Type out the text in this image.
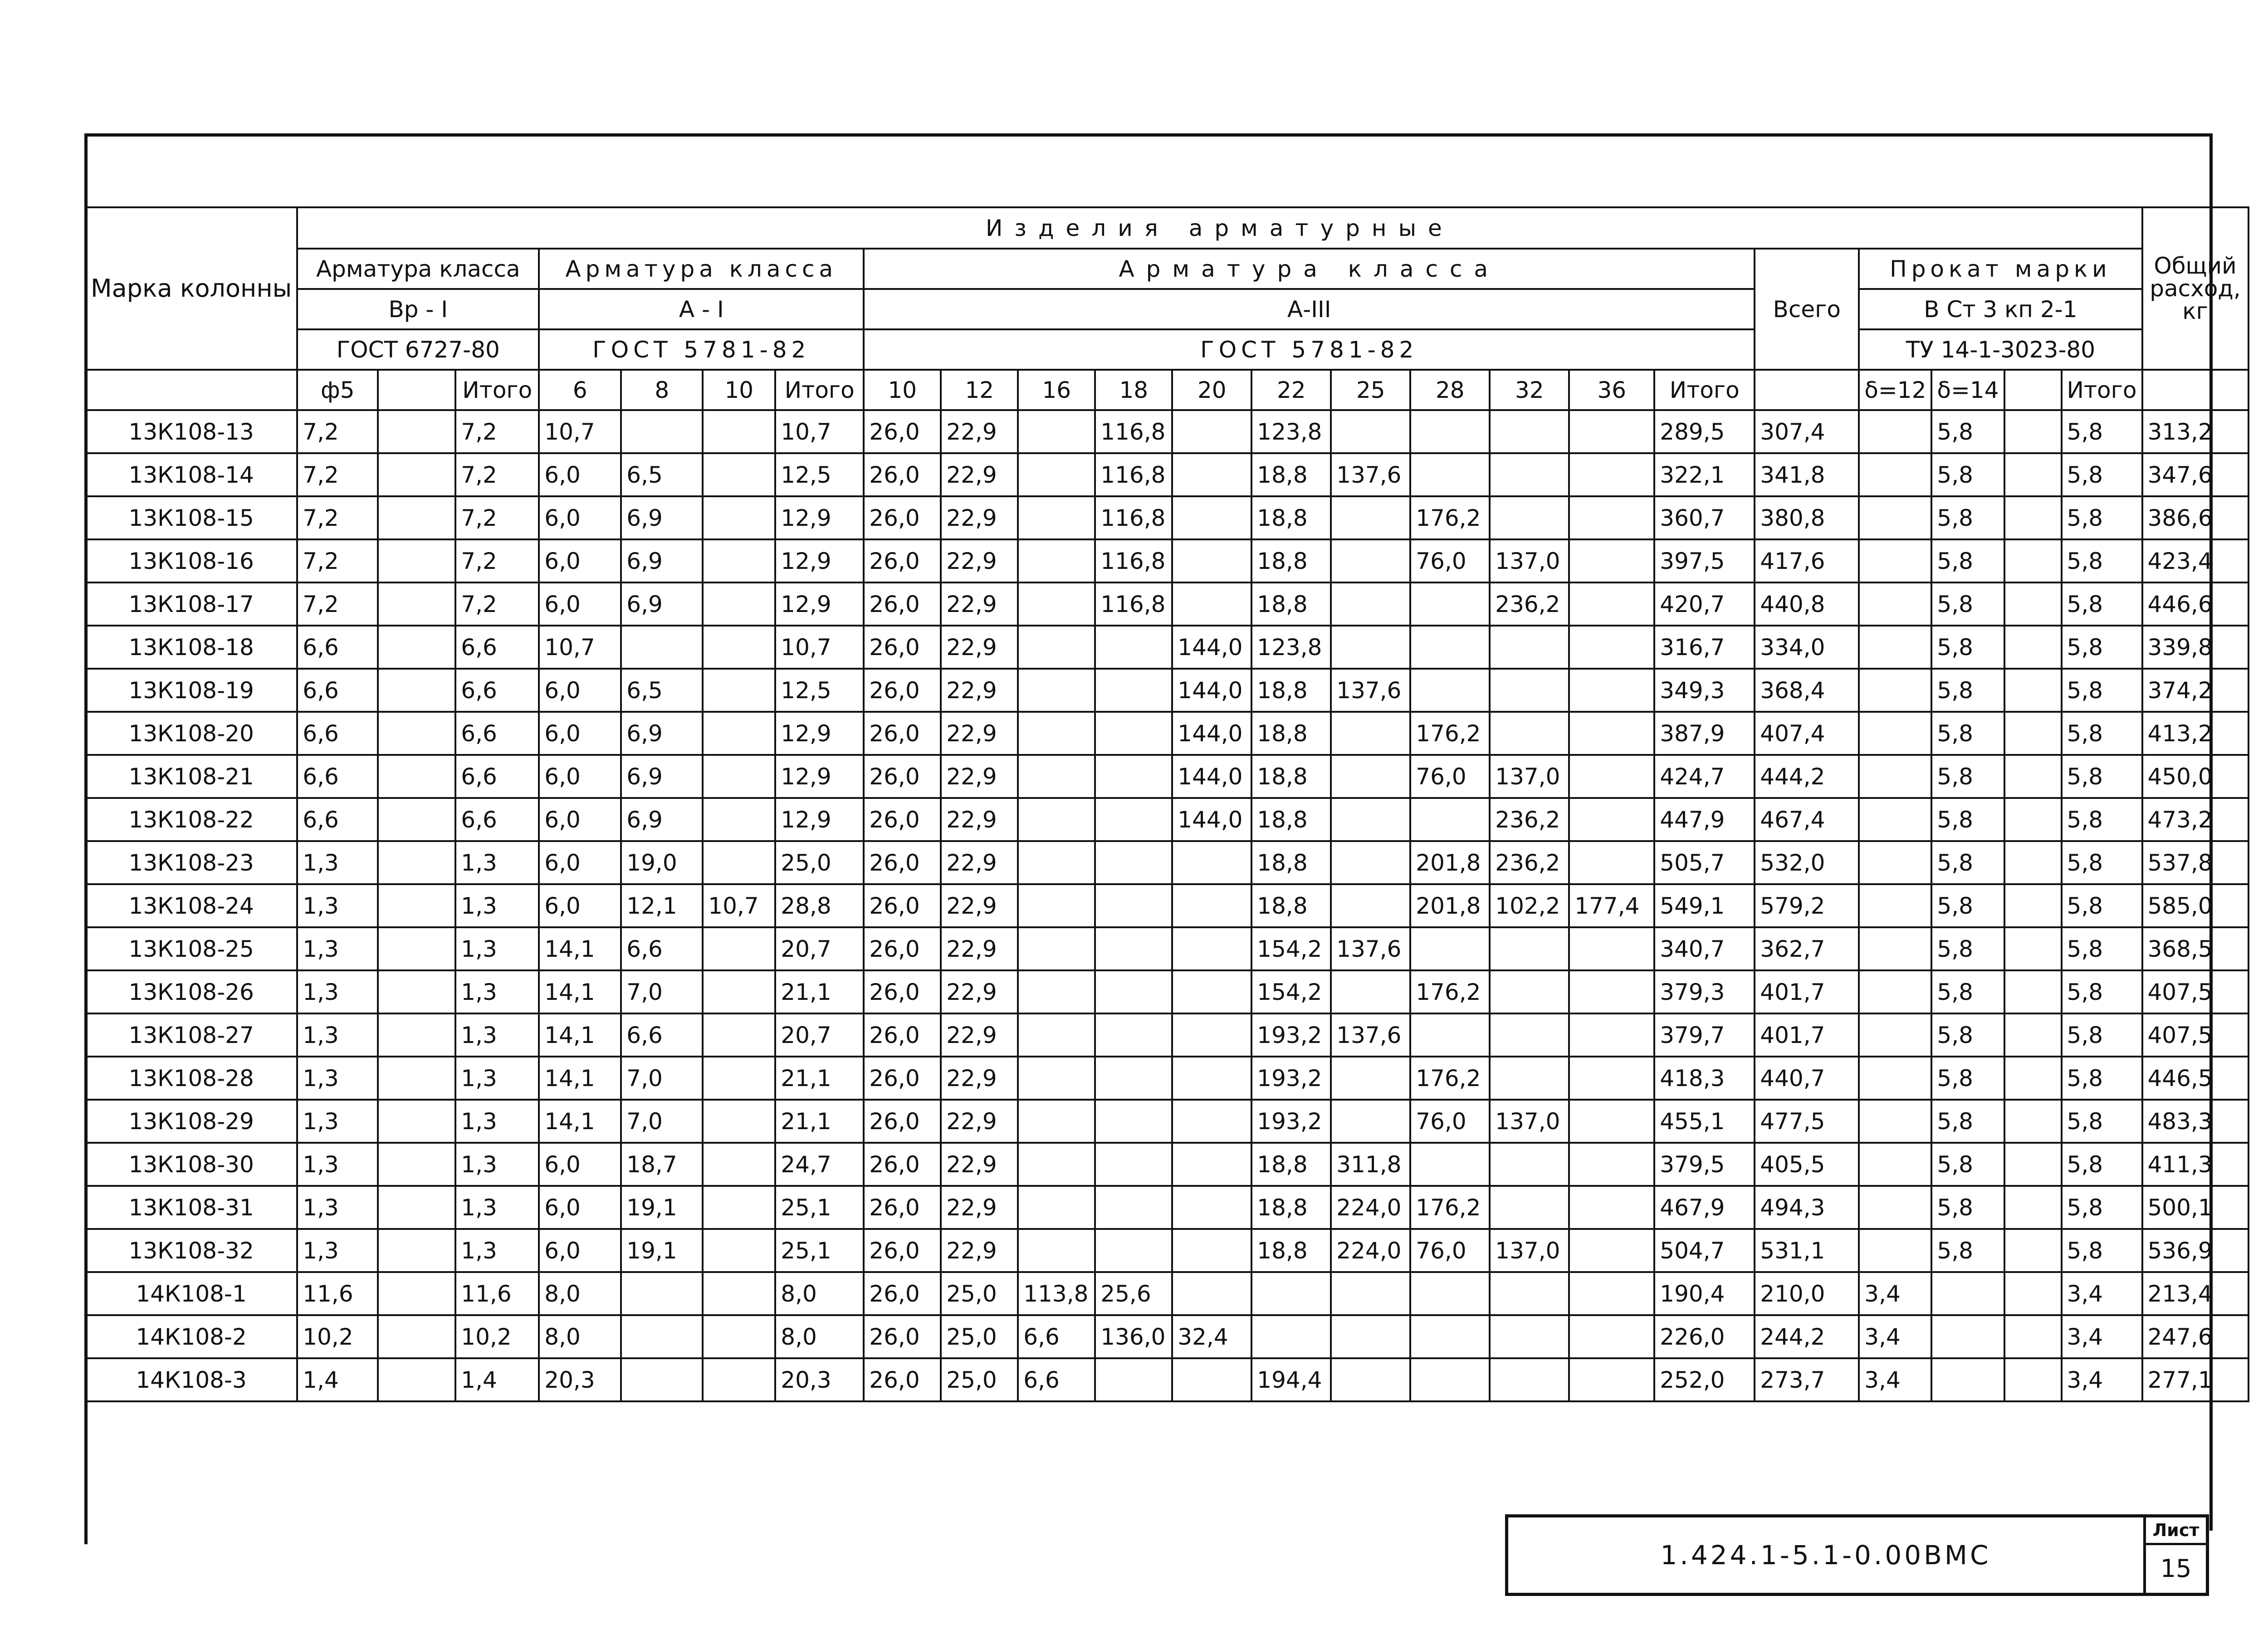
Марка колонны	Изделия арматурные																							Общий расход, кг
	Арматура класса			Арматура класса				Арматура класса											Всего	Прокат марки				
	Вр - I			А - I				А-III												В Ст 3 кп 2-1				
	ГОСТ 6727-80			ГОСТ 5781-82				ГОСТ 5781-82												ТУ 14-1-3023-80				
	ф5		Итого	6	8	10	Итого	10	12	16	18	20	22	25	28	32	36	Итого		δ=12	δ=14		Итого	
13К108-13	7,2		7,2	10,7			10,7	26,0	22,9		116,8		123,8					289,5	307,4		5,8		5,8	313,2
13К108-14	7,2		7,2	6,0	6,5		12,5	26,0	22,9		116,8		18,8	137,6				322,1	341,8		5,8		5,8	347,6
13К108-15	7,2		7,2	6,0	6,9		12,9	26,0	22,9		116,8		18,8		176,2			360,7	380,8		5,8		5,8	386,6
13К108-16	7,2		7,2	6,0	6,9		12,9	26,0	22,9		116,8		18,8		76,0	137,0		397,5	417,6		5,8		5,8	423,4
13К108-17	7,2		7,2	6,0	6,9		12,9	26,0	22,9		116,8		18,8			236,2		420,7	440,8		5,8		5,8	446,6
13К108-18	6,6		6,6	10,7			10,7	26,0	22,9			144,0	123,8					316,7	334,0		5,8		5,8	339,8
13К108-19	6,6		6,6	6,0	6,5		12,5	26,0	22,9			144,0	18,8	137,6				349,3	368,4		5,8		5,8	374,2
13К108-20	6,6		6,6	6,0	6,9		12,9	26,0	22,9			144,0	18,8		176,2			387,9	407,4		5,8		5,8	413,2
13К108-21	6,6		6,6	6,0	6,9		12,9	26,0	22,9			144,0	18,8		76,0	137,0		424,7	444,2		5,8		5,8	450,0
13К108-22	6,6		6,6	6,0	6,9		12,9	26,0	22,9			144,0	18,8			236,2		447,9	467,4		5,8		5,8	473,2
13К108-23	1,3		1,3	6,0	19,0		25,0	26,0	22,9				18,8		201,8	236,2		505,7	532,0		5,8		5,8	537,8
13К108-24	1,3		1,3	6,0	12,1	10,7	28,8	26,0	22,9				18,8		201,8	102,2	177,4	549,1	579,2		5,8		5,8	585,0
13К108-25	1,3		1,3	14,1	6,6		20,7	26,0	22,9				154,2	137,6				340,7	362,7		5,8		5,8	368,5
13К108-26	1,3		1,3	14,1	7,0		21,1	26,0	22,9				154,2		176,2			379,3	401,7		5,8		5,8	407,5
13К108-27	1,3		1,3	14,1	6,6		20,7	26,0	22,9				193,2	137,6				379,7	401,7		5,8		5,8	407,5
13К108-28	1,3		1,3	14,1	7,0		21,1	26,0	22,9				193,2		176,2			418,3	440,7		5,8		5,8	446,5
13К108-29	1,3		1,3	14,1	7,0		21,1	26,0	22,9				193,2		76,0	137,0		455,1	477,5		5,8		5,8	483,3
13К108-30	1,3		1,3	6,0	18,7		24,7	26,0	22,9				18,8	311,8				379,5	405,5		5,8		5,8	411,3
13К108-31	1,3		1,3	6,0	19,1		25,1	26,0	22,9				18,8	224,0	176,2			467,9	494,3		5,8		5,8	500,1
13К108-32	1,3		1,3	6,0	19,1		25,1	26,0	22,9				18,8	224,0	76,0	137,0		504,7	531,1		5,8		5,8	536,9
14К108-1	11,6		11,6	8,0			8,0	26,0	25,0	113,8	25,6							190,4	210,0	3,4			3,4	213,4
14К108-2	10,2		10,2	8,0			8,0	26,0	25,0	6,6	136,0	32,4						226,0	244,2	3,4			3,4	247,6
14К108-3	1,4		1,4	20,3			20,3	26,0	25,0	6,6			194,4					252,0	273,7	3,4			3,4	277,1
1.424.1-5.1-0.00ВМС
Лист
15
